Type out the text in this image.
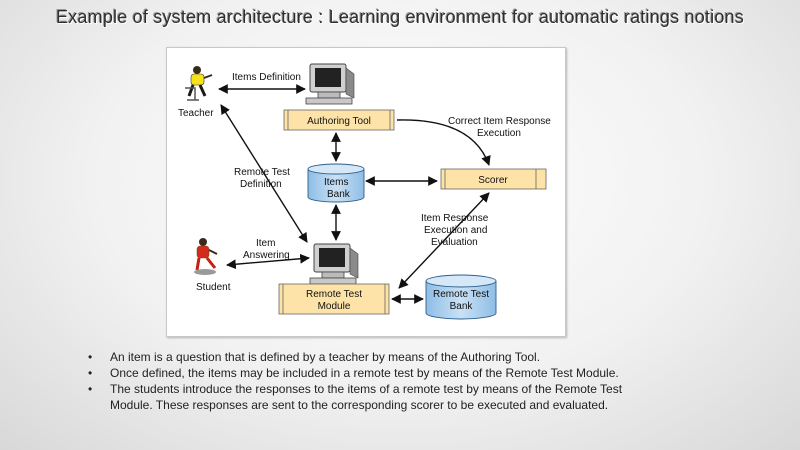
Example of system architecture : Learning environment for automatic ratings notions
Teacher
Student
Authoring Tool
Scorer
Remote Test
Module
Items
Bank
Remote Test
Bank
Items Definition
Remote Test
Definition
Correct Item Response
Execution
Item
Answering
Item Response
Execution and
Evaluation
• An item is a question that is defined by a teacher by means of the Authoring Tool.
• Once defined, the items may be included in a remote test by means of the Remote Test Module.
• The students introduce the responses to the items of a remote test by means of the Remote Test Module. These responses are sent to the corresponding scorer to be executed and evaluated.
